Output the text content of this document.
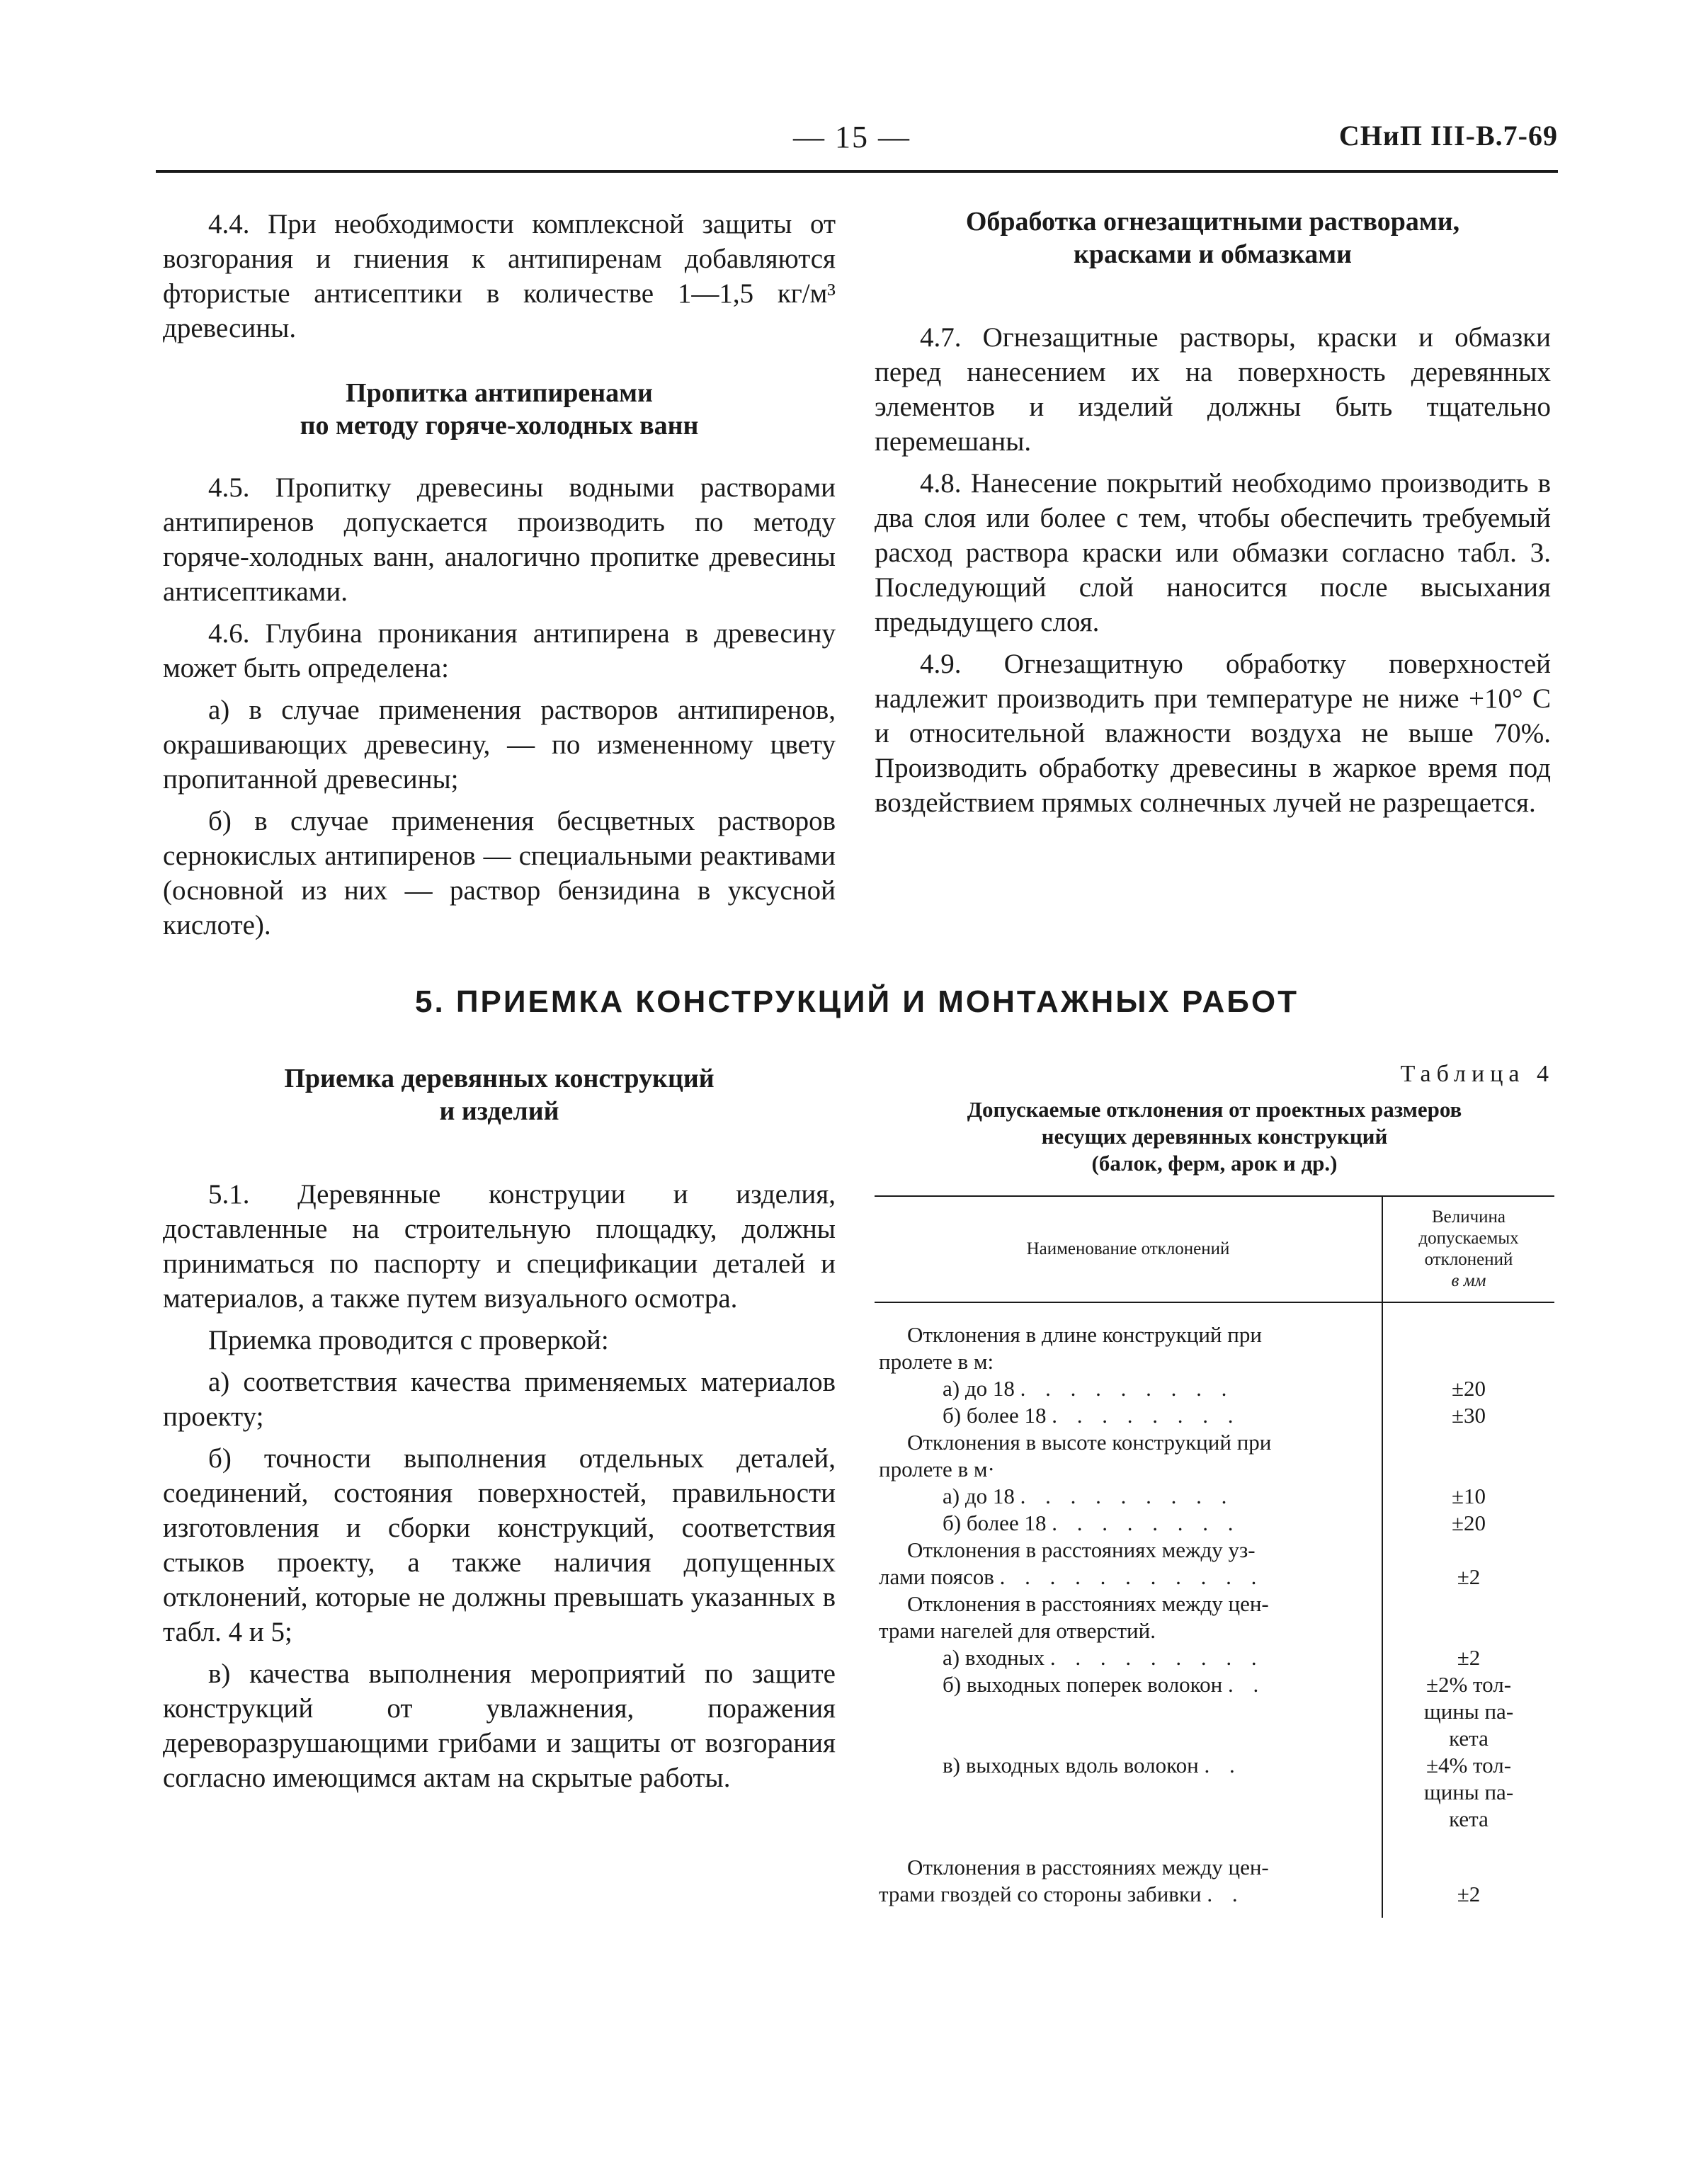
— 15 —	СНиП III-В.7-69

4.4. При необходимости комплексной защиты от возгорания и гниения к антипиренам добавляются фтористые антисептики в количестве 1—1,5 кг/м³ древесины.

Пропитка антипиренами
по методу горяче-холодных ванн

4.5. Пропитку древесины водными растворами антипиренов допускается производить по методу горяче-холодных ванн, аналогично пропитке древесины антисептиками.

4.6. Глубина проникания антипирена в древесину может быть определена:

а) в случае применения растворов антипиренов, окрашивающих древесину, — по измененному цвету пропитанной древесины;

б) в случае применения бесцветных растворов сернокислых антипиренов — специальными реактивами (основной из них — раствор бензидина в уксусной кислоте).

Обработка огнезащитными растворами,
красками и обмазками

4.7. Огнезащитные растворы, краски и обмазки перед нанесением их на поверхность деревянных элементов и изделий должны быть тщательно перемешаны.

4.8. Нанесение покрытий необходимо производить в два слоя или более с тем, чтобы обеспечить требуемый расход раствора краски или обмазки согласно табл. 3. Последующий слой наносится после высыхания предыдущего слоя.

4.9. Огнезащитную обработку поверхностей надлежит производить при температуре не ниже +10° С и относительной влажности воздуха не выше 70%. Производить обработку древесины в жаркое время под воздействием прямых солнечных лучей не разрещается.

5. ПРИЕМКА КОНСТРУКЦИЙ И МОНТАЖНЫХ РАБОТ
Приемка деревянных конструкций
и изделий

5.1. Деревянные конструции и изделия, доставленные на строительную площадку, должны приниматься по паспорту и спецификации деталей и материалов, а также путем визуального осмотра.

Приемка проводится с проверкой:

а) соответствия качества применяемых материалов проекту;

б) точности выполнения отдельных деталей, соединений, состояния поверхностей, правильности изготовления и сборки конструкций, соответствия стыков проекту, а также наличия допущенных отклонений, которые не должны превышать указанных в табл. 4 и 5;

в) качества выполнения мероприятий по защите конструкций от увлажнения, поражения дереворазрушающими грибами и защиты от возгорания согласно имеющимся актам на скрытые работы.

Таблица 4
Допускаемые отклонения от проектных размеров
несущих деревянных конструкций
(балок, ферм, арок и др.)
Наименование отклонений	Величина
допускаемых
отклонений
в мм

Отклонения в длине конструкций при
пролете в м:	

а) до 18 . . . . . . . . .	±20

б) более 18 . . . . . . . .	±30

Отклонения в высоте конструкций при
пролете в м·	

а) до 18 . . . . . . . . .	±10

б) более 18 . . . . . . . .	±20

Отклонения в расстояниях между уз-
лами поясов . . . . . . . . . . .	±2

Отклонения в расстояниях между цен-
трами нагелей для отверстий.	

а) входных . . . . . . . . .	±2

б) выходных поперек волокон . .	±2% тол-
щины па-
кета

в) выходных вдоль волокон . .	±4% тол-
щины па-
кета

Отклонения в расстояниях между цен-
трами гвоздей со стороны забивки . .	±2
